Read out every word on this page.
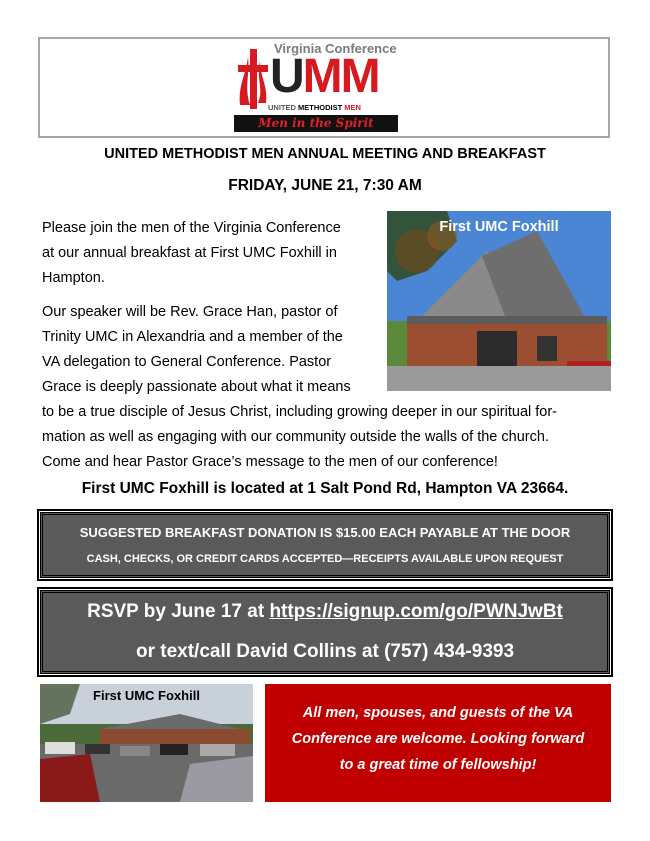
Virginia Conference
UMM
UNITED METHODIST MEN
Men in the Spirit
UNITED METHODIST MEN ANNUAL MEETING AND BREAKFAST
FRIDAY, JUNE 21, 7:30 AM
Please join the men of the Virginia Conference
at our annual breakfast at First UMC Foxhill in
Hampton.
Our speaker will be Rev. Grace Han, pastor of
Trinity UMC in Alexandria and a member of the
VA delegation to General Conference. Pastor
Grace is deeply passionate about what it means
to be a true disciple of Jesus Christ, including growing deeper in our spiritual for-
mation as well as engaging with our community outside the walls of the church.
Come and hear Pastor Grace’s message to the men of our conference!
First UMC Foxhill
First UMC Foxhill is located at 1 Salt Pond Rd, Hampton VA 23664.
SUGGESTED BREAKFAST DONATION IS $15.00 EACH PAYABLE AT THE DOOR
CASH, CHECKS, OR CREDIT CARDS ACCEPTED—RECEIPTS AVAILABLE UPON REQUEST
RSVP by June 17 at https://signup.com/go/PWNJwBt
or text/call David Collins at (757) 434-9393
First UMC Foxhill

All men, spouses, and guests of the VA
Conference are welcome. Looking forward
to a great time of fellowship!
